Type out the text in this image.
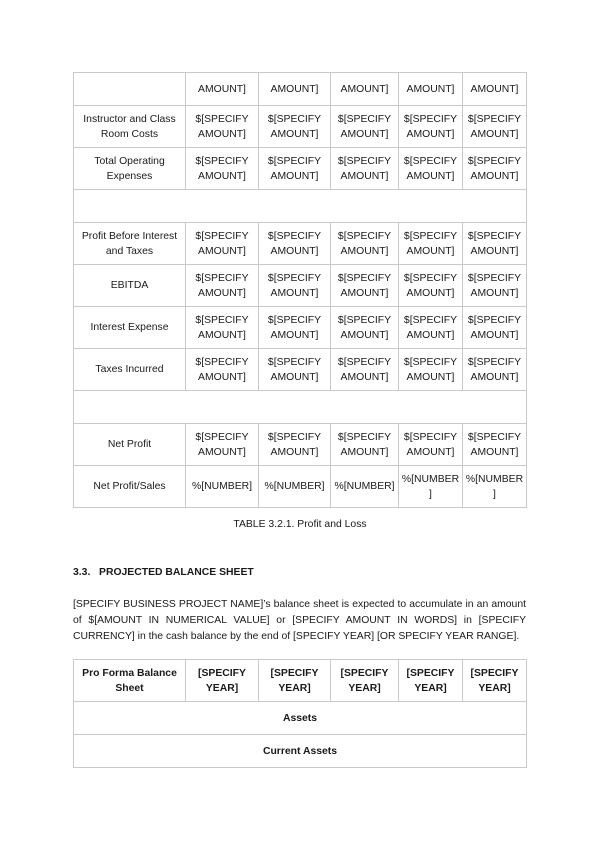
	AMOUNT]	AMOUNT]	AMOUNT]	AMOUNT]	AMOUNT]
Instructor and Class Room Costs	$[SPECIFY AMOUNT]	$[SPECIFY AMOUNT]	$[SPECIFY AMOUNT]	$[SPECIFY AMOUNT]	$[SPECIFY AMOUNT]
Total Operating Expenses	$[SPECIFY AMOUNT]	$[SPECIFY AMOUNT]	$[SPECIFY AMOUNT]	$[SPECIFY AMOUNT]	$[SPECIFY AMOUNT]

Profit Before Interest and Taxes	$[SPECIFY AMOUNT]	$[SPECIFY AMOUNT]	$[SPECIFY AMOUNT]	$[SPECIFY AMOUNT]	$[SPECIFY AMOUNT]
EBITDA	$[SPECIFY AMOUNT]	$[SPECIFY AMOUNT]	$[SPECIFY AMOUNT]	$[SPECIFY AMOUNT]	$[SPECIFY AMOUNT]
Interest Expense	$[SPECIFY AMOUNT]	$[SPECIFY AMOUNT]	$[SPECIFY AMOUNT]	$[SPECIFY AMOUNT]	$[SPECIFY AMOUNT]
Taxes Incurred	$[SPECIFY AMOUNT]	$[SPECIFY AMOUNT]	$[SPECIFY AMOUNT]	$[SPECIFY AMOUNT]	$[SPECIFY AMOUNT]

Net Profit	$[SPECIFY AMOUNT]	$[SPECIFY AMOUNT]	$[SPECIFY AMOUNT]	$[SPECIFY AMOUNT]	$[SPECIFY AMOUNT]
Net Profit/Sales	%[NUMBER]	%[NUMBER]	%[NUMBER]	%[NUMBER ]	%[NUMBER ]
TABLE 3.2.1. Profit and Loss
3.3. PROJECTED BALANCE SHEET

[SPECIFY BUSINESS PROJECT NAME]’s balance sheet is expected to accumulate in an amount of $[AMOUNT IN NUMERICAL VALUE] or [SPECIFY AMOUNT IN WORDS] in [SPECIFY CURRENCY] in the cash balance by the end of [SPECIFY YEAR] [OR SPECIFY YEAR RANGE].

Pro Forma Balance Sheet	[SPECIFY YEAR]	[SPECIFY YEAR]	[SPECIFY YEAR]	[SPECIFY YEAR]	[SPECIFY YEAR]
Assets
Current Assets
